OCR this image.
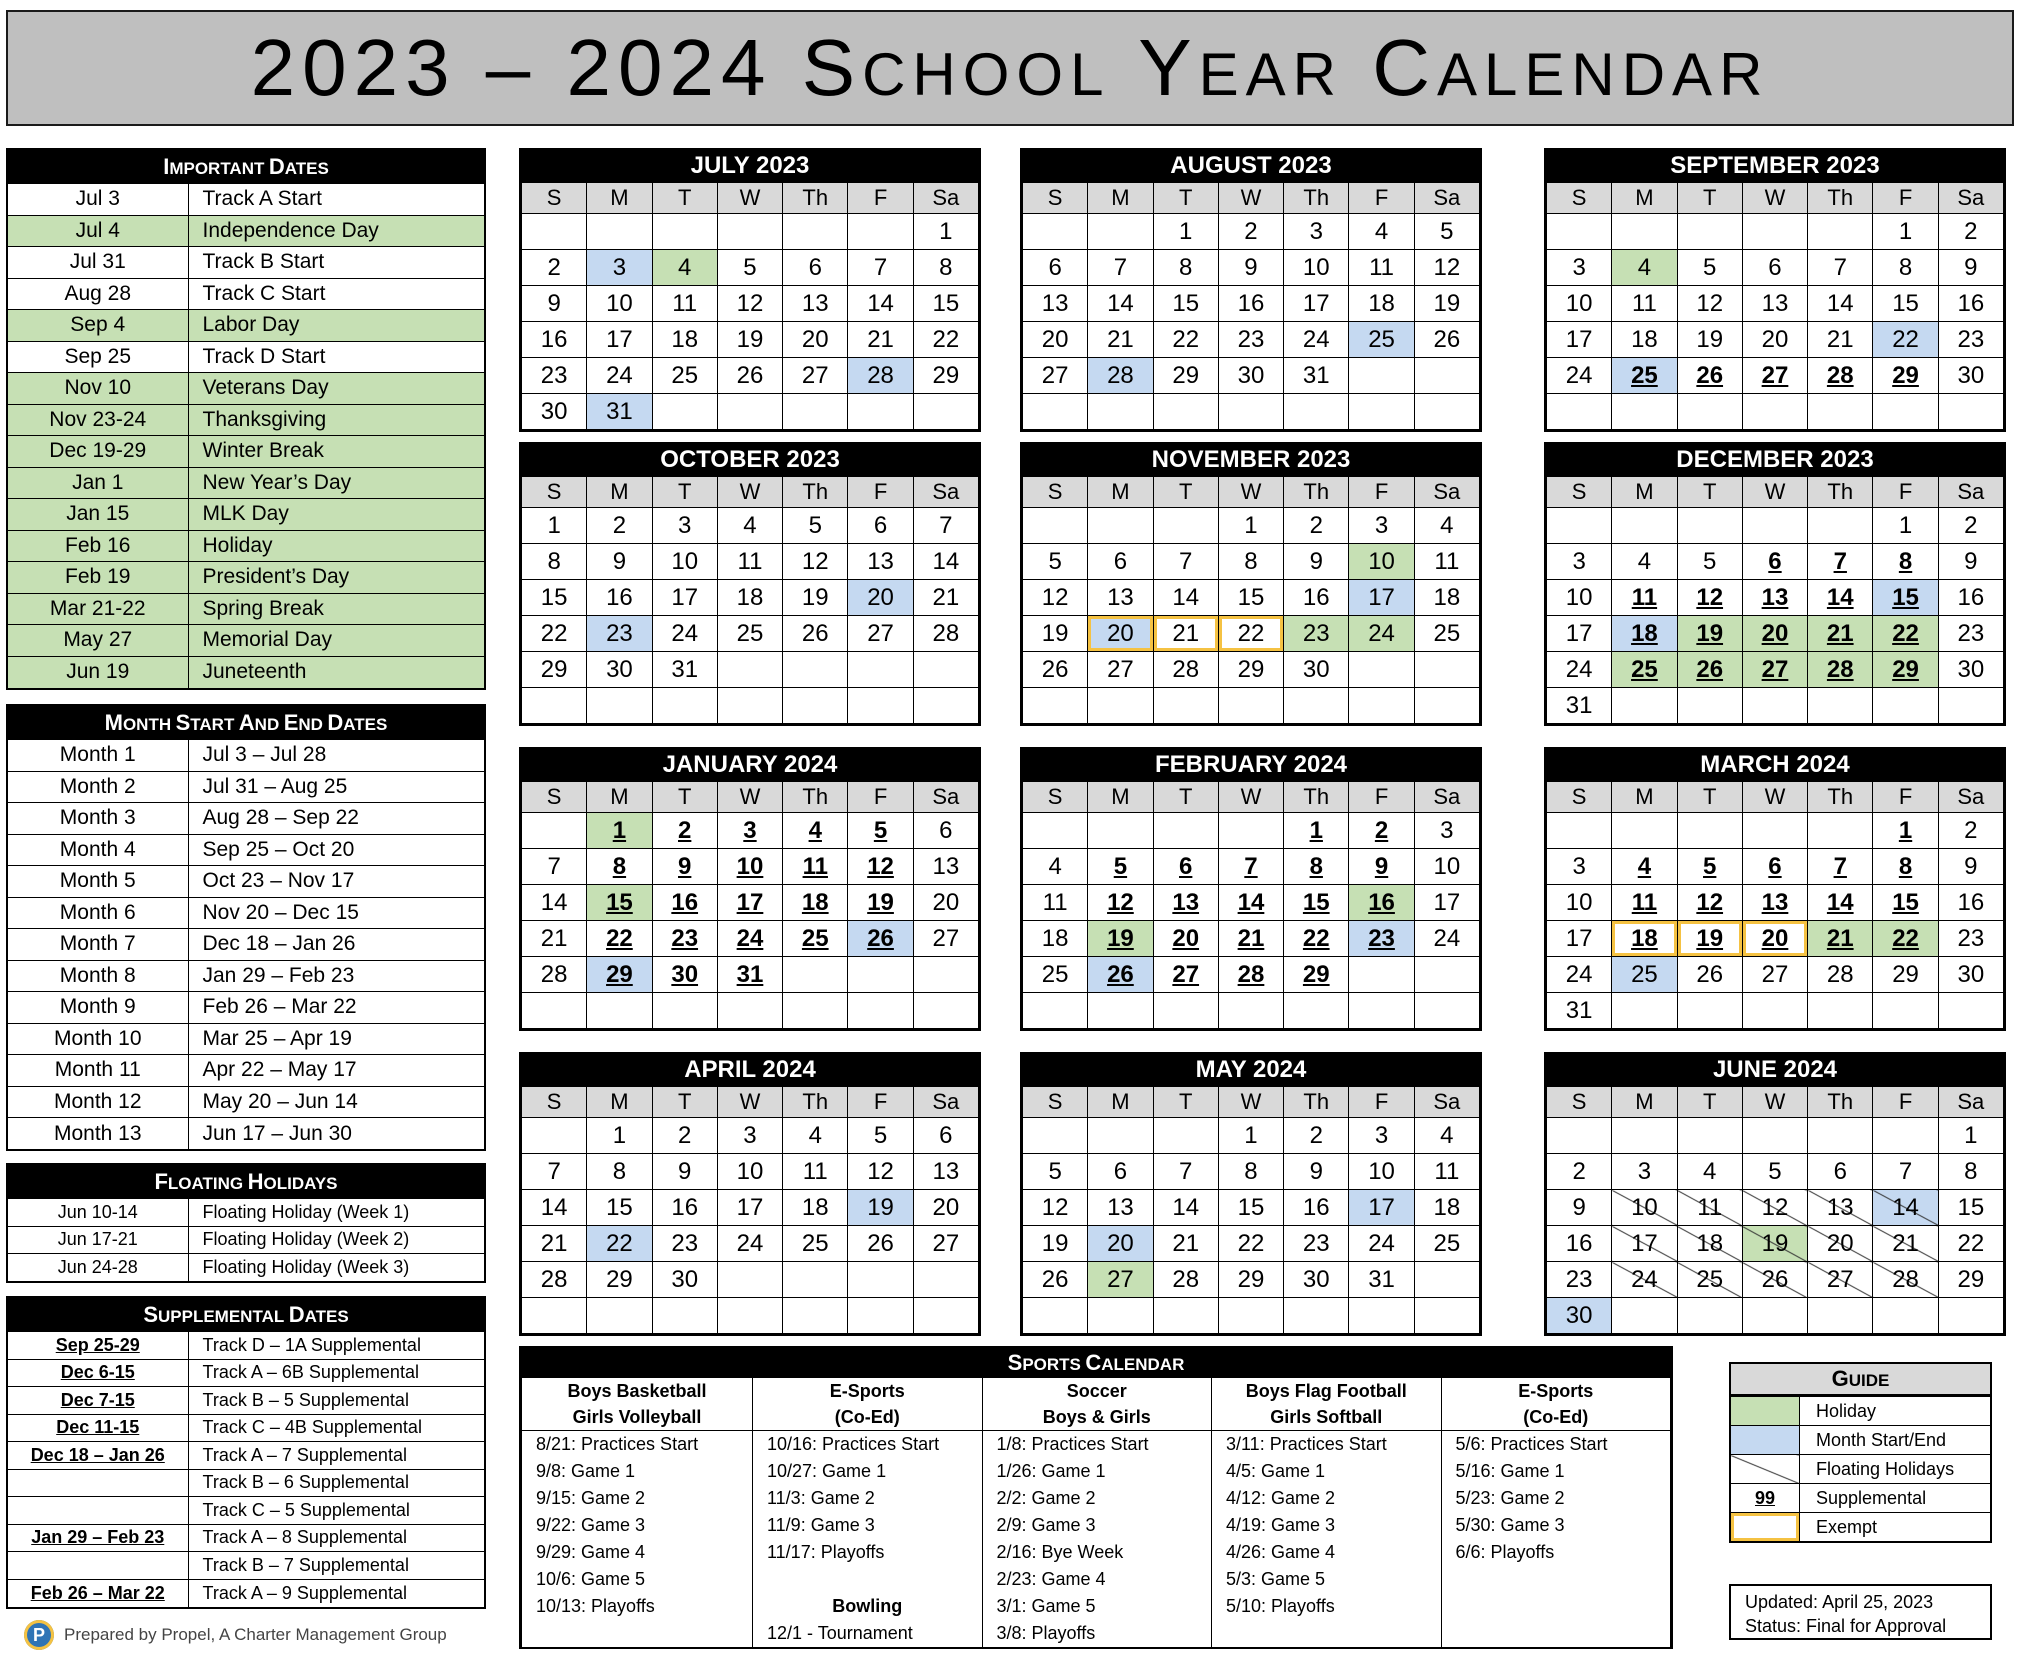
2023 – 2024 SCHOOL YEAR CALENDAR
IMPORTANT DATES
Jul 3	Track A Start
Jul 4	Independence Day
Jul 31	Track B Start
Aug 28	Track C Start
Sep 4	Labor Day
Sep 25	Track D Start
Nov 10	Veterans Day
Nov 23-24	Thanksgiving
Dec 19-29	Winter Break
Jan 1	New Year’s Day
Jan 15	MLK Day
Feb 16	Holiday
Feb 19	President’s Day
Mar 21-22	Spring Break
May 27	Memorial Day
Jun 19	Juneteenth
MONTH START AND END DATES
Month 1	Jul 3 – Jul 28
Month 2	Jul 31 – Aug 25
Month 3	Aug 28 – Sep 22
Month 4	Sep 25 – Oct 20
Month 5	Oct 23 – Nov 17
Month 6	Nov 20 – Dec 15
Month 7	Dec 18 – Jan 26
Month 8	Jan 29 – Feb 23
Month 9	Feb 26 – Mar 22
Month 10	Mar 25 – Apr 19
Month 11	Apr 22 – May 17
Month 12	May 20 – Jun 14
Month 13	Jun 17 – Jun 30
FLOATING HOLIDAYS
Jun 10-14	Floating Holiday (Week 1)
Jun 17-21	Floating Holiday (Week 2)
Jun 24-28	Floating Holiday (Week 3)
SUPPLEMENTAL DATES
Sep 25-29	Track D – 1A Supplemental
Dec 6-15	Track A – 6B Supplemental
Dec 7-15	Track B – 5 Supplemental
Dec 11-15	Track C – 4B Supplemental
Dec 18 – Jan 26	Track A – 7 Supplemental
	Track B – 6 Supplemental
	Track C – 5 Supplemental
Jan 29 – Feb 23	Track A – 8 Supplemental
	Track B – 7 Supplemental
Feb 26 – Mar 22	Track A – 9 Supplemental
JULY 2023
S	M	T	W	Th	F	Sa
						1
2	3	4	5	6	7	8
9	10	11	12	13	14	15
16	17	18	19	20	21	22
23	24	25	26	27	28	29
30	31					
AUGUST 2023
S	M	T	W	Th	F	Sa
		1	2	3	4	5
6	7	8	9	10	11	12
13	14	15	16	17	18	19
20	21	22	23	24	25	26
27	28	29	30	31		

SEPTEMBER 2023
S	M	T	W	Th	F	Sa
					1	2
3	4	5	6	7	8	9
10	11	12	13	14	15	16
17	18	19	20	21	22	23
24	25	26	27	28	29	30

OCTOBER 2023
S	M	T	W	Th	F	Sa
1	2	3	4	5	6	7
8	9	10	11	12	13	14
15	16	17	18	19	20	21
22	23	24	25	26	27	28
29	30	31				

NOVEMBER 2023
S	M	T	W	Th	F	Sa
			1	2	3	4
5	6	7	8	9	10	11
12	13	14	15	16	17	18
19	20	21	22	23	24	25
26	27	28	29	30		

DECEMBER 2023
S	M	T	W	Th	F	Sa
					1	2
3	4	5	6	7	8	9
10	11	12	13	14	15	16
17	18	19	20	21	22	23
24	25	26	27	28	29	30
31						
JANUARY 2024
S	M	T	W	Th	F	Sa
	1	2	3	4	5	6
7	8	9	10	11	12	13
14	15	16	17	18	19	20
21	22	23	24	25	26	27
28	29	30	31			

FEBRUARY 2024
S	M	T	W	Th	F	Sa
				1	2	3
4	5	6	7	8	9	10
11	12	13	14	15	16	17
18	19	20	21	22	23	24
25	26	27	28	29		

MARCH 2024
S	M	T	W	Th	F	Sa
					1	2
3	4	5	6	7	8	9
10	11	12	13	14	15	16
17	18	19	20	21	22	23
24	25	26	27	28	29	30
31						
APRIL 2024
S	M	T	W	Th	F	Sa
	1	2	3	4	5	6
7	8	9	10	11	12	13
14	15	16	17	18	19	20
21	22	23	24	25	26	27
28	29	30				

MAY 2024
S	M	T	W	Th	F	Sa
			1	2	3	4
5	6	7	8	9	10	11
12	13	14	15	16	17	18
19	20	21	22	23	24	25
26	27	28	29	30	31	

JUNE 2024
S	M	T	W	Th	F	Sa
						1
2	3	4	5	6	7	8
9	10	11	12	13	14	15
16	17	18	19	20	21	22
23	24	25	26	27	28	29
30						
SPORTS CALENDAR
Boys Basketball	E-Sports	Soccer	Boys Flag Football	E-Sports
Girls Volleyball	(Co-Ed)	Boys & Girls	Girls Softball	(Co-Ed)
8/21: Practices Start	10/16: Practices Start	1/8: Practices Start	3/11: Practices Start	5/6: Practices Start
9/8: Game 1	10/27: Game 1	1/26: Game 1	4/5: Game 1	5/16: Game 1
9/15: Game 2	11/3: Game 2	2/2: Game 2	4/12: Game 2	5/23: Game 2
9/22: Game 3	11/9: Game 3	2/9: Game 3	4/19: Game 3	5/30: Game 3
9/29: Game 4	11/17: Playoffs	2/16: Bye Week	4/26: Game 4	6/6: Playoffs
10/6: Game 5		2/23: Game 4	5/3: Game 5	
10/13: Playoffs	Bowling	3/1: Game 5	5/10: Playoffs	
	12/1 - Tournament	3/8: Playoffs		
GUIDE
	Holiday
	Month Start/End
	Floating Holidays
99	Supplemental
	Exempt
Updated: April 25, 2023
Status: Final for Approval
P	Prepared by Propel, A Charter Management Group
